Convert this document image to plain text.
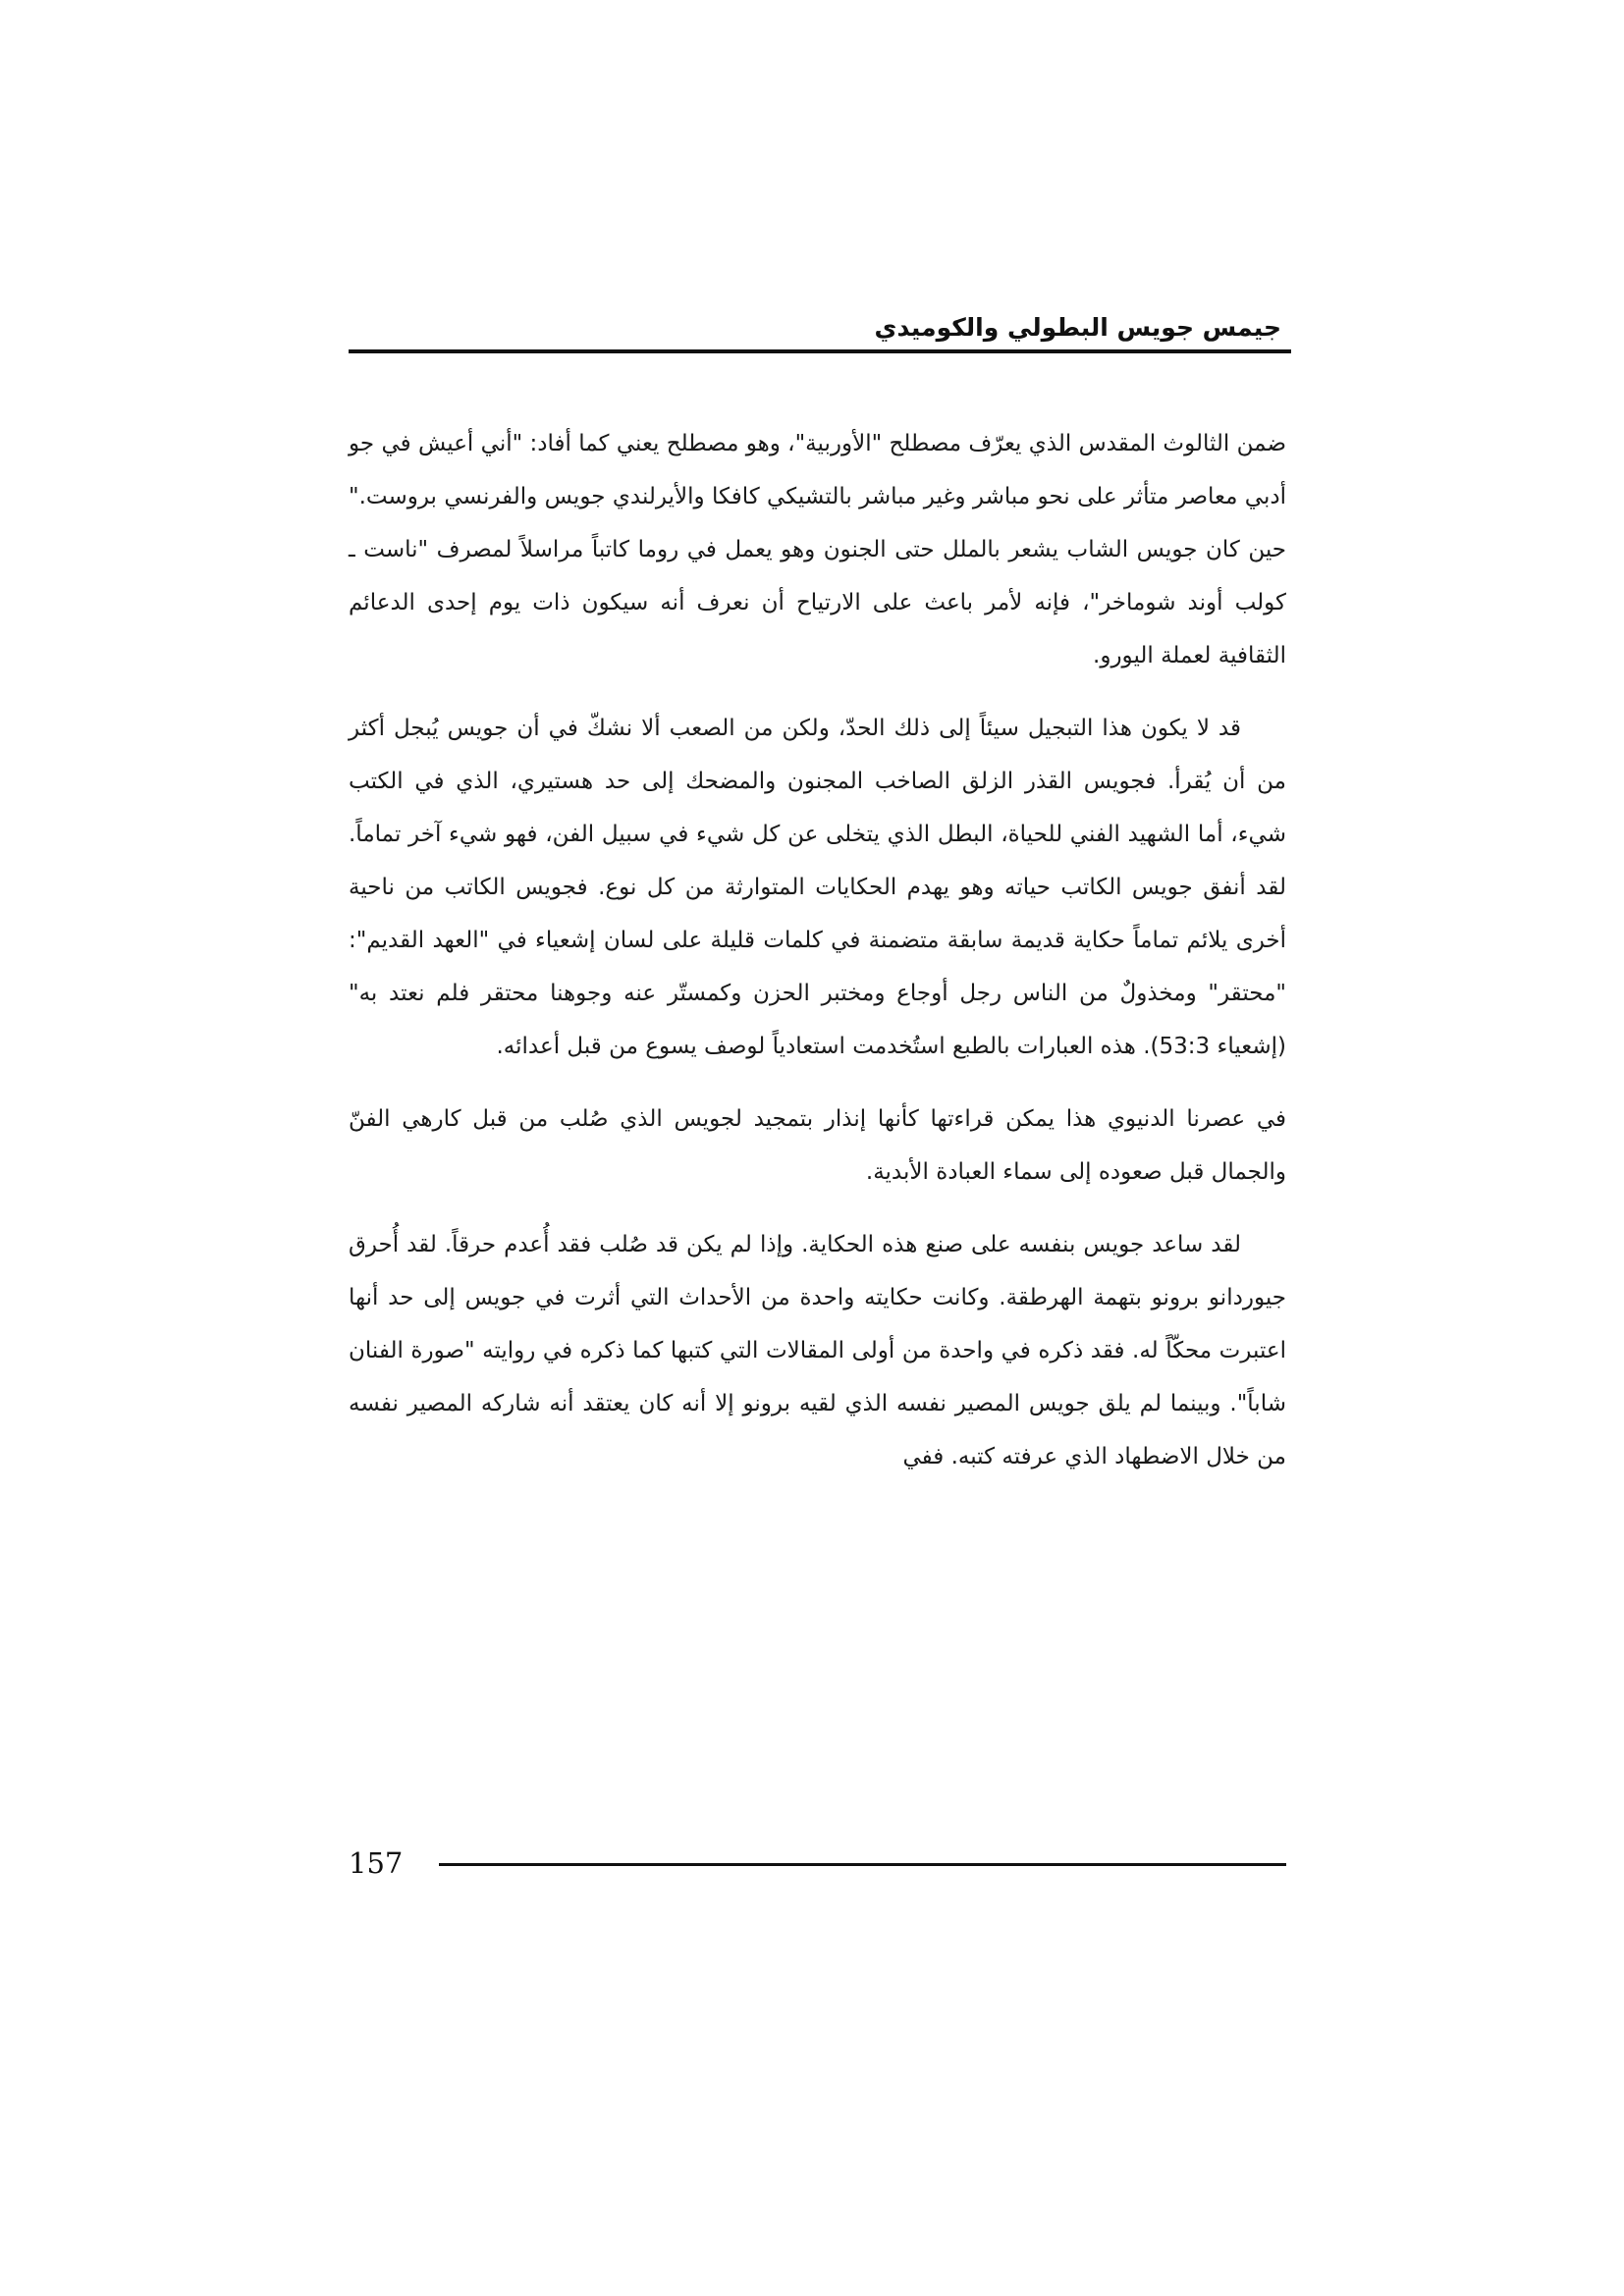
جيمس جويس البطولي والكوميدي

ضمن الثالوث المقدس الذي يعرّف مصطلح "الأوربية"، وهو مصطلح يعني كما أفاد: "أني أعيش في جو أدبي معاصر متأثر على نحو مباشر وغير مباشر بالتشيكي كافكا والأيرلندي جويس والفرنسي بروست." حين كان جويس الشاب يشعر بالملل حتى الجنون وهو يعمل في روما كاتباً مراسلاً لمصرف "ناست ـ كولب أوند شوماخر"، فإنه لأمر باعث على الارتياح أن نعرف أنه سيكون ذات يوم إحدى الدعائم الثقافية لعملة اليورو.

قد لا يكون هذا التبجيل سيئاً إلى ذلك الحدّ، ولكن من الصعب ألا نشكّ في أن جويس يُبجل أكثر من أن يُقرأ. فجويس القذر الزلق الصاخب المجنون والمضحك إلى حد هستيري، الذي في الكتب شيء، أما الشهيد الفني للحياة، البطل الذي يتخلى عن كل شيء في سبيل الفن، فهو شيء آخر تماماً. لقد أنفق جويس الكاتب حياته وهو يهدم الحكايات المتوارثة من كل نوع. فجويس الكاتب من ناحية أخرى يلائم تماماً حكاية قديمة سابقة متضمنة في كلمات قليلة على لسان إشعياء في "العهد القديم": "محتقر" ومخذولٌ من الناس رجل أوجاع ومختبر الحزن وكمستّر عنه وجوهنا محتقر فلم نعتد به" (إشعياء 53:3). هذه العبارات بالطبع استُخدمت استعادياً لوصف يسوع من قبل أعدائه.

في عصرنا الدنيوي هذا يمكن قراءتها كأنها إنذار بتمجيد لجويس الذي صُلب من قبل كارهي الفنّ والجمال قبل صعوده إلى سماء العبادة الأبدية.

لقد ساعد جويس بنفسه على صنع هذه الحكاية. وإذا لم يكن قد صُلب فقد أُعدم حرقاً. لقد أُحرق جيوردانو برونو بتهمة الهرطقة. وكانت حكايته واحدة من الأحداث التي أثرت في جويس إلى حد أنها اعتبرت محكّاً له. فقد ذكره في واحدة من أولى المقالات التي كتبها كما ذكره في روايته "صورة الفنان شاباً". وبينما لم يلق جويس المصير نفسه الذي لقيه برونو إلا أنه كان يعتقد أنه شاركه المصير نفسه من خلال الاضطهاد الذي عرفته كتبه. ففي

157
